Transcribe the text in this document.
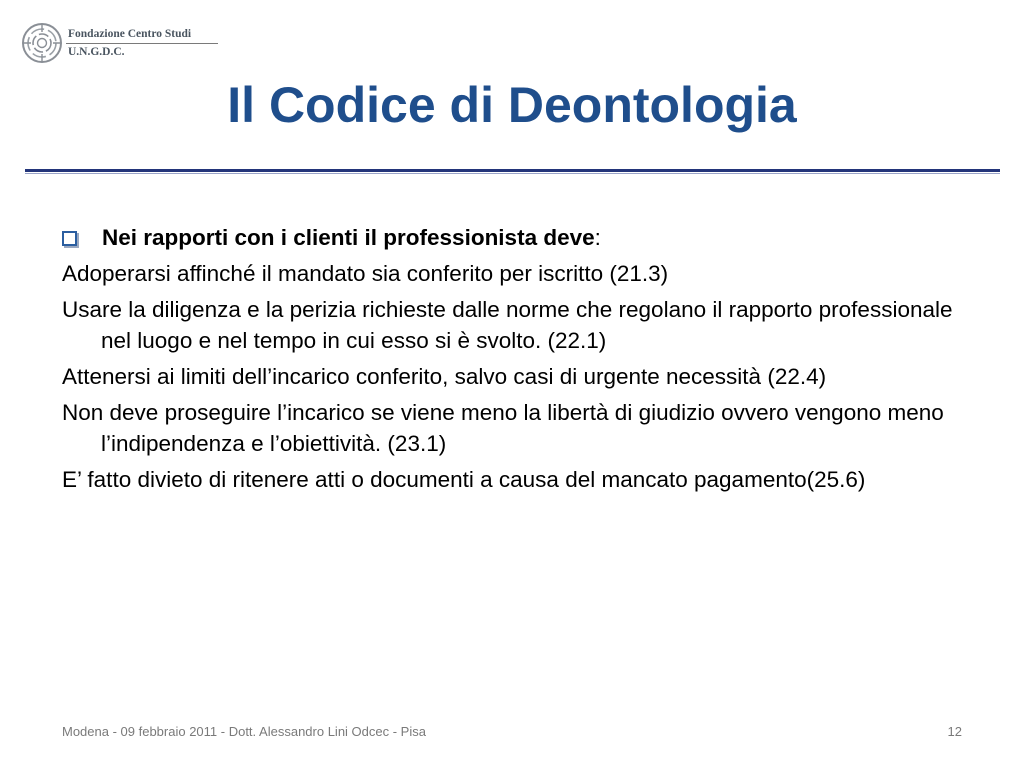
Fondazione Centro Studi
U.N.G.D.C.
Il Codice di Deontologia
Nei rapporti con i clienti il professionista deve:

Adoperarsi affinché il mandato sia conferito per iscritto (21.3)

Usare la diligenza e la perizia richieste dalle norme che regolano il rapporto professionale nel luogo e nel tempo in cui esso si è svolto. (22.1)

Attenersi ai limiti dell’incarico conferito, salvo casi di urgente necessità (22.4)

Non deve proseguire l’incarico se viene meno la libertà di giudizio ovvero vengono meno l’indipendenza e l’obiettività. (23.1)

E’ fatto divieto di ritenere atti o documenti a causa del mancato pagamento(25.6)

Modena - 09 febbraio 2011 - Dott. Alessandro Lini Odcec - Pisa	12
